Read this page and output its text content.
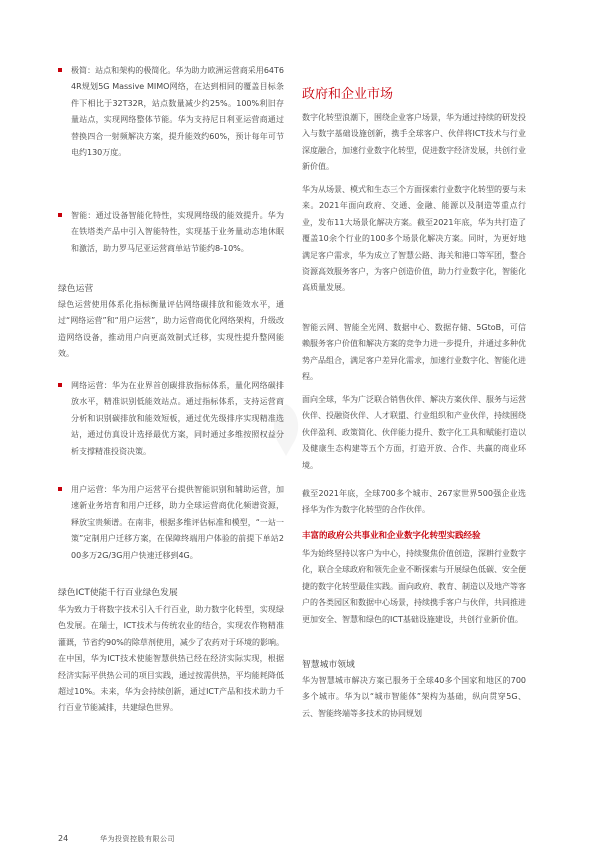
极简：站点和架构的极简化。华为助力欧洲运营商采用64T64R规划5G Massive MIMO网络，在达到相同的覆盖目标条件下相比于32T32R，站点数量减少约25%。100%利旧存量站点，实现网络整体节能。华为支持尼日利亚运营商通过替换四合一射频解决方案，提升能效约60%，预计每年可节电约130万度。
智能：通过设备智能化特性，实现网络级的能效提升。华为在铁塔类产品中引入智能特性，实现基于业务量动态地休眠和激活，助力罗马尼亚运营商单站节能约8-10%。
绿色运营

绿色运营使用体系化指标衡量评估网络碳排放和能效水平，通过“网络运营”和“用户运营”，助力运营商优化网络架构，升级改造网络设备，推动用户向更高效制式迁移，实现性提升整网能效。

网络运营：华为在业界首创碳排放指标体系，量化网络碳排放水平，精准识别低能效站点。通过指标体系，支持运营商分析和识别碳排放和能效短板，通过优先级排序实现精准选站，通过仿真设计选择最优方案，同时通过多维按照权益分析支撑精准投资决策。
用户运营：华为用户运营平台提供智能识别和辅助运营，加速新业务培育和用户迁移，助力全球运营商优化频谱资源，释放宝贵频谱。在南非，根据多维评估标准和模型，“一站一策”定制用户迁移方案，在保障终端用户体验的前提下单站200多万2G/3G用户快速迁移到4G。
绿色ICT使能千行百业绿色发展

华为致力于将数字技术引入千行百业，助力数字化转型，实现绿色发展。在瑞士，ICT技术与传统农业的结合，实现农作物精准灌溉，节省约90%的除草剂使用，减少了农药对于环境的影响。在中国，华为ICT技术使能智慧供热已经在经济实际实现，根据经济实际平供热公司的项目实践，通过按需供热，平均能耗降低超过10%。未来，华为会持续创新，通过ICT产品和技术助力千行百业节能减排，共建绿色世界。

政府和企业市场

数字化转型浪潮下，围绕企业客户场景，华为通过持续的研发投入与数字基础设施创新，携手全球客户、伙伴将ICT技术与行业深度融合，加速行业数字化转型，促进数字经济发展，共创行业新价值。

华为从场景、模式和生态三个方面探索行业数字化转型的要与未来。2021年面向政府、交通、金融、能源以及制造等重点行业，发布11大场景化解决方案。截至2021年底，华为共打造了覆盖10余个行业的100多个场景化解决方案。同时，为更好地满足客户需求，华为成立了智慧公路、海关和港口等军团，整合资源高效服务客户，为客户创造价值，助力行业数字化，智能化高质量发展。

智能云网、智能全光网、数据中心、数据存储、5GtoB，可信赖服务客户价值和解决方案的竞争力进一步提升，并通过多种优势产品组合，满足客户差异化需求，加速行业数字化、智能化进程。

面向全球，华为广泛联合销售伙伴、解决方案伙伴、服务与运营伙伴、投融资伙伴、人才联盟、行业组织和产业伙伴，持续围绕伙伴盈利、政策简化、伙伴能力提升、数字化工具和赋能打造以及健康生态构建等五个方面，打造开放、合作、共赢的商业环境。

截至2021年底，全球700多个城市、267家世界500强企业选择华为作为数字化转型的合作伙伴。

丰富的政府公共事业和企业数字化转型实践经验

华为始终坚持以客户为中心，持续聚焦价值创造，深耕行业数字化，联合全球政府和领先企业不断探索与开展绿色低碳、安全便捷的数字化转型最佳实践。面向政府、教育、制造以及地产等客户的各类园区和数据中心场景，持续携手客户与伙伴，共同推进更加安全、智慧和绿色的ICT基础设施建设，共创行业新价值。

智慧城市领域

华为智慧城市解决方案已服务于全球40多个国家和地区的700多个城市。华为以“城市智能体”架构为基础，纵向贯穿5G、云、智能终端等多技术的协同规划

24	华为投资控股有限公司
